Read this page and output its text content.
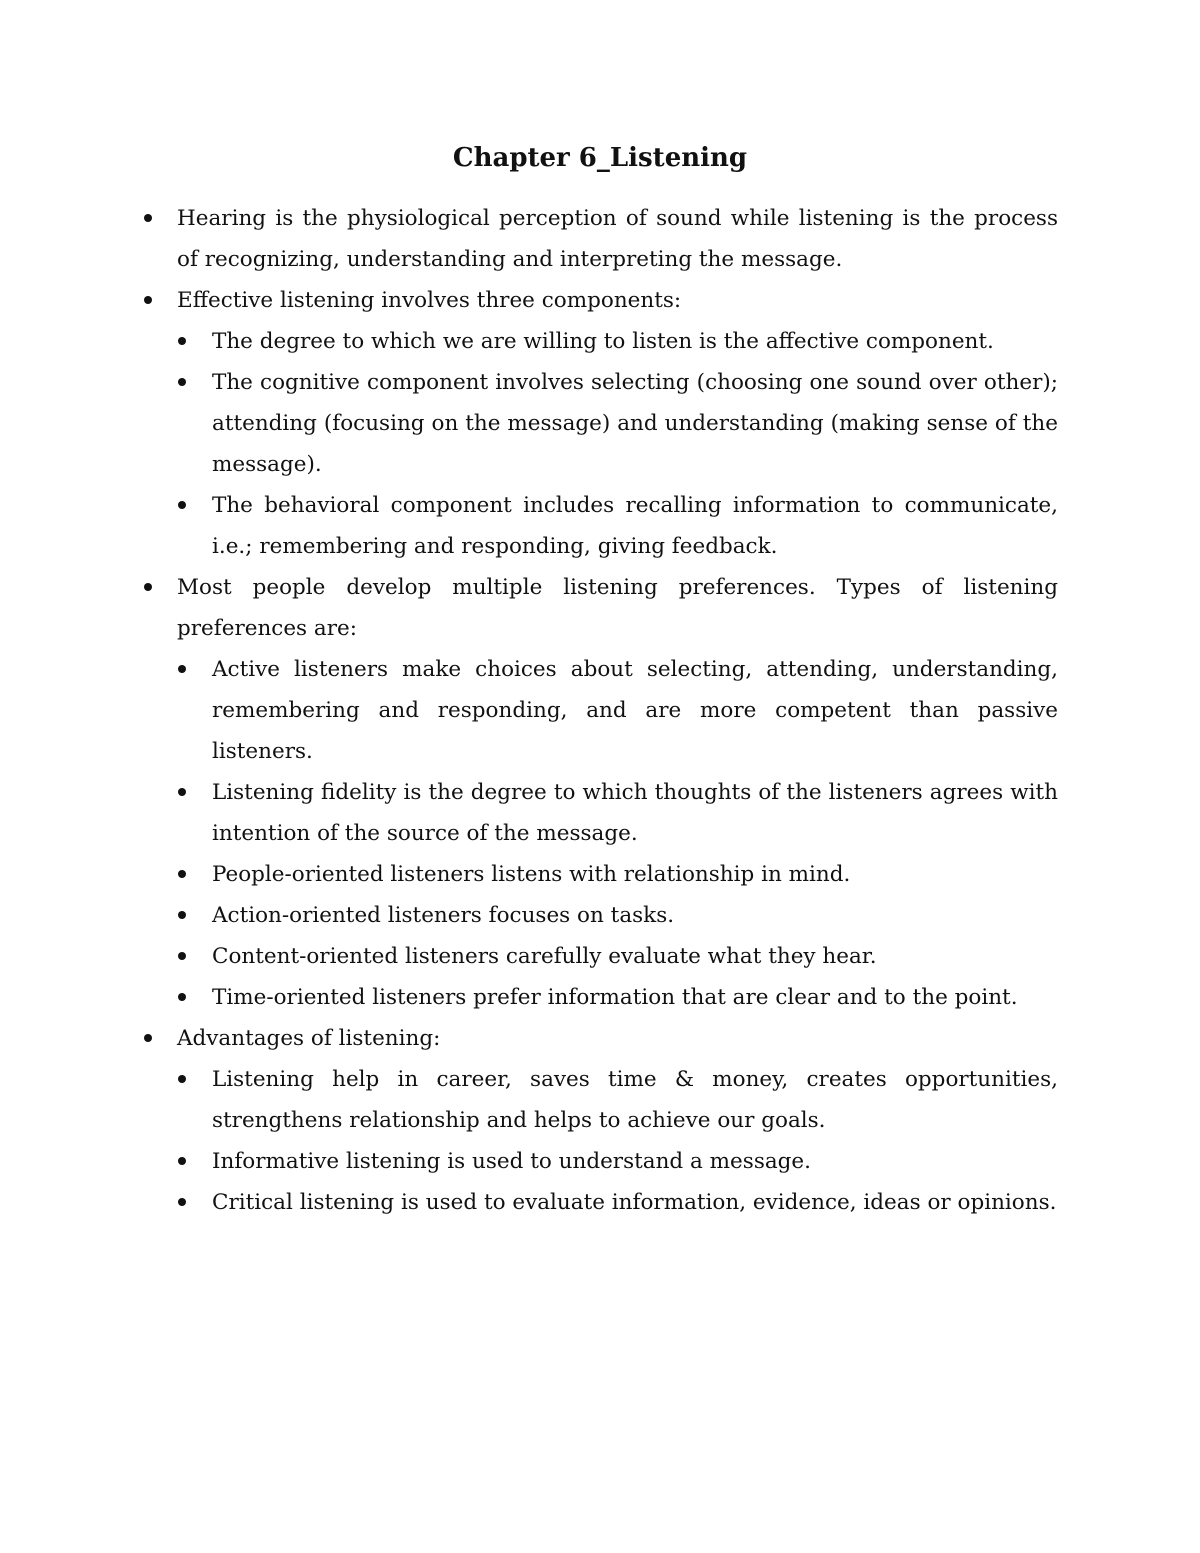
Chapter 6_Listening
Hearing is the physiological perception of sound while listening is the process of recognizing, understanding and interpreting the message.
Effective listening involves three components:
The degree to which we are willing to listen is the affective component.
The cognitive component involves selecting (choosing one sound over other); attending (focusing on the message) and understanding (making sense of the message).
The behavioral component includes recalling information to communicate, i.e.; remembering and responding, giving feedback.
Most people develop multiple listening preferences. Types of listening preferences are:
Active listeners make choices about selecting, attending, understanding, remembering and responding, and are more competent than passive listeners.
Listening fidelity is the degree to which thoughts of the listeners agrees with intention of the source of the message.
People-oriented listeners listens with relationship in mind.
Action-oriented listeners focuses on tasks.
Content-oriented listeners carefully evaluate what they hear.
Time-oriented listeners prefer information that are clear and to the point.
Advantages of listening:
Listening help in career, saves time & money, creates opportunities, strengthens relationship and helps to achieve our goals.
Informative listening is used to understand a message.
Critical listening is used to evaluate information, evidence, ideas or opinions.
